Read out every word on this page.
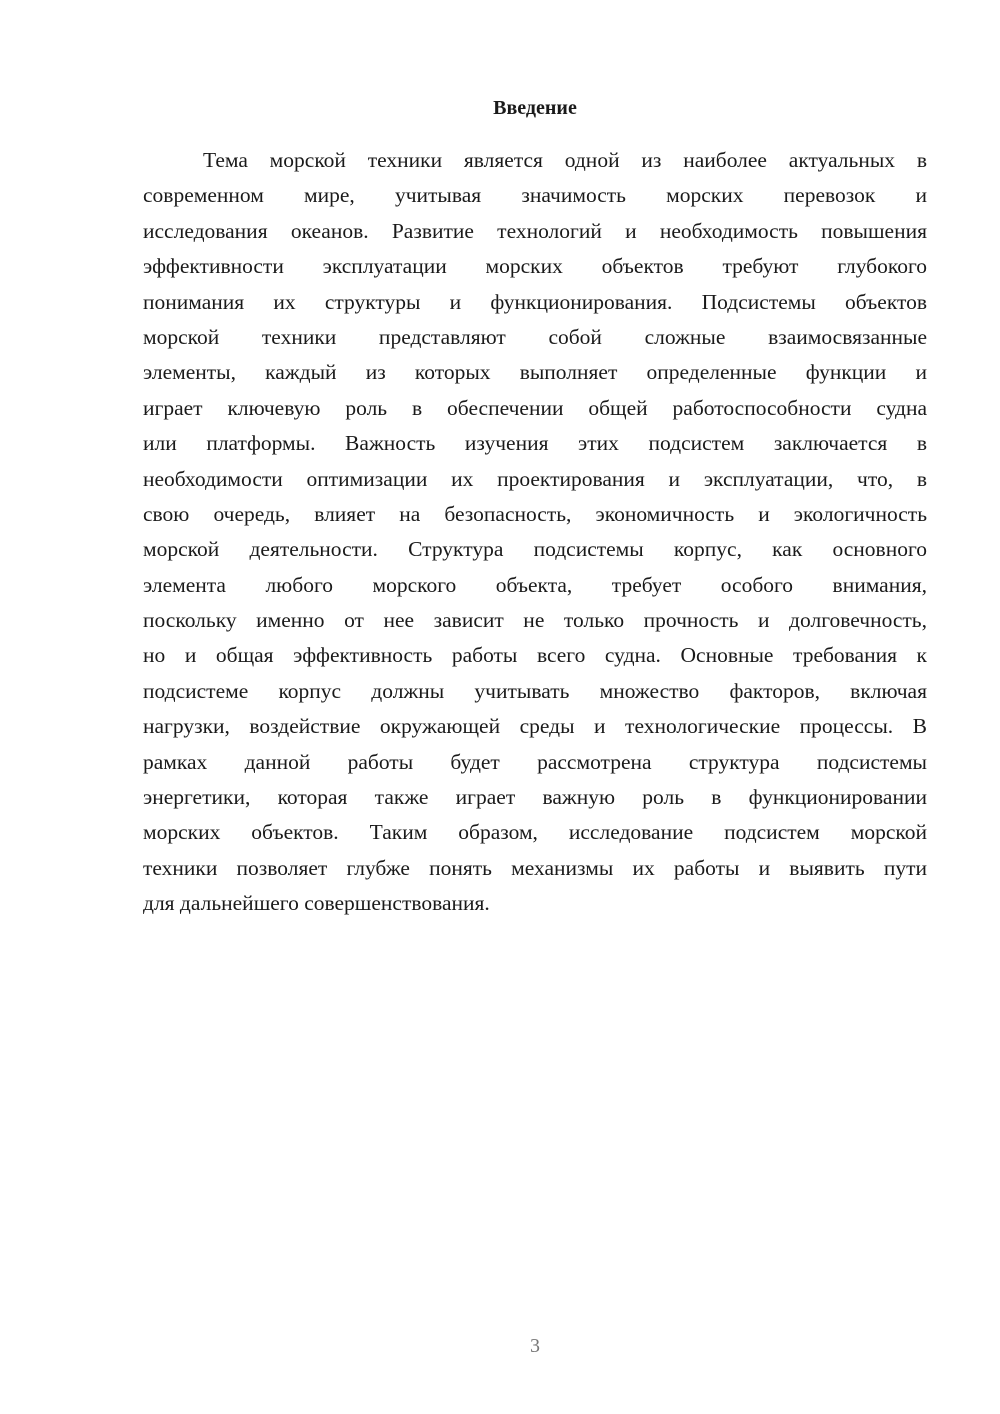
Введение
Тема морской техники является одной из наиболее актуальных в
современном мире, учитывая значимость морских перевозок и
исследования океанов. Развитие технологий и необходимость повышения
эффективности эксплуатации морских объектов требуют глубокого
понимания их структуры и функционирования. Подсистемы объектов
морской техники представляют собой сложные взаимосвязанные
элементы, каждый из которых выполняет определенные функции и
играет ключевую роль в обеспечении общей работоспособности судна
или платформы. Важность изучения этих подсистем заключается в
необходимости оптимизации их проектирования и эксплуатации, что, в
свою очередь, влияет на безопасность, экономичность и экологичность
морской деятельности. Структура подсистемы корпус, как основного
элемента любого морского объекта, требует особого внимания,
поскольку именно от нее зависит не только прочность и долговечность,
но и общая эффективность работы всего судна. Основные требования к
подсистеме корпус должны учитывать множество факторов, включая
нагрузки, воздействие окружающей среды и технологические процессы. В
рамках данной работы будет рассмотрена структура подсистемы
энергетики, которая также играет важную роль в функционировании
морских объектов. Таким образом, исследование подсистем морской
техники позволяет глубже понять механизмы их работы и выявить пути
для дальнейшего совершенствования.
3
